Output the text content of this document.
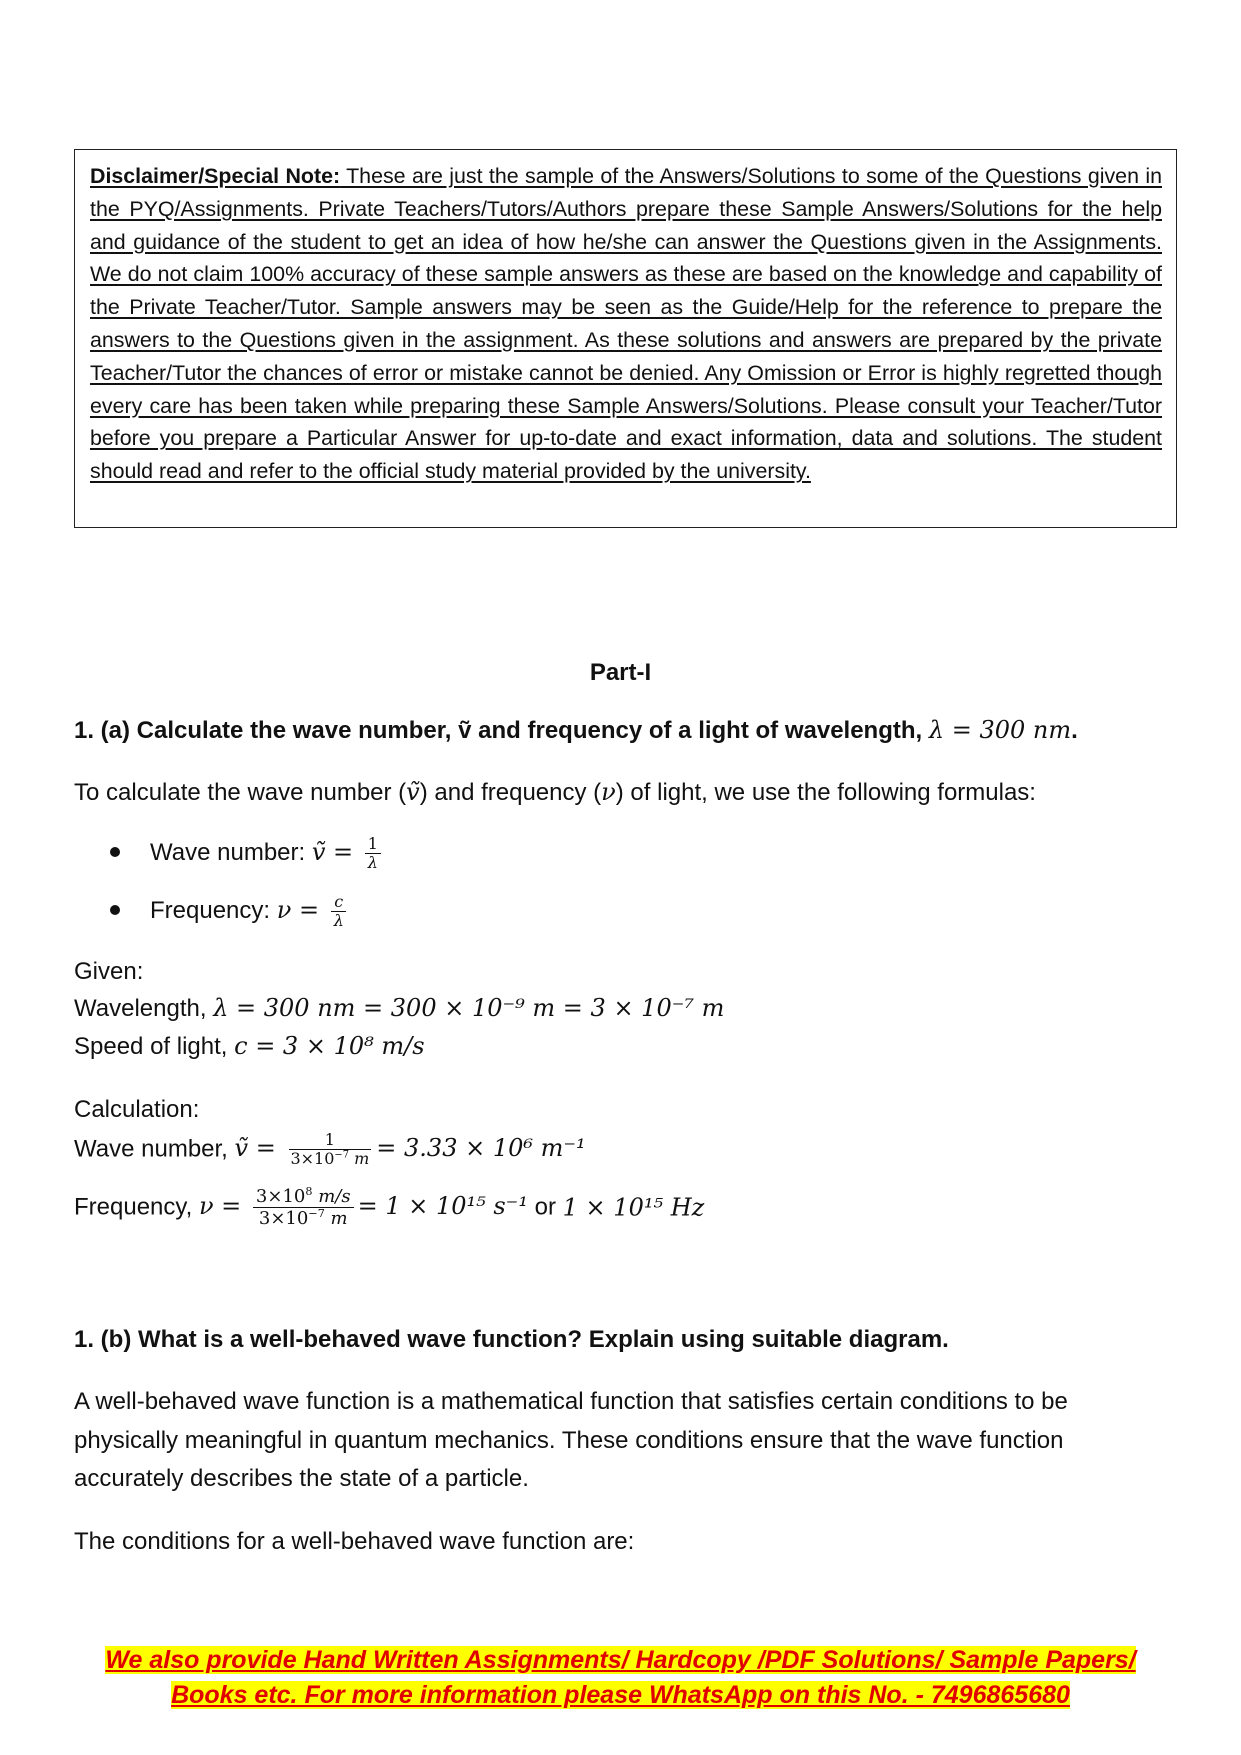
Disclaimer/Special Note: These are just the sample of the Answers/Solutions to some of the Questions given in the PYQ/Assignments. Private Teachers/Tutors/Authors prepare these Sample Answers/Solutions for the help and guidance of the student to get an idea of how he/she can answer the Questions given in the Assignments. We do not claim 100% accuracy of these sample answers as these are based on the knowledge and capability of the Private Teacher/Tutor. Sample answers may be seen as the Guide/Help for the reference to prepare the answers to the Questions given in the assignment. As these solutions and answers are prepared by the private Teacher/Tutor the chances of error or mistake cannot be denied. Any Omission or Error is highly regretted though every care has been taken while preparing these Sample Answers/Solutions. Please consult your Teacher/Tutor before you prepare a Particular Answer for up-to-date and exact information, data and solutions. The student should read and refer to the official study material provided by the university.

Part-I
1. (a) Calculate the wave number, ṽ and frequency of a light of wavelength, λ = 300 nm.
To calculate the wave number (ṽ) and frequency (ν) of light, we use the following formulas:
Wave number: ṽ = $\frac{1}{\lambda}$
Frequency: $\nu = \frac{c}{\lambda}$
Given:
Wavelength, λ = 300 nm = 300 × 10⁻⁹ m = 3 × 10⁻⁷ m
Speed of light, c = 3 × 10⁸ m/s
Calculation:
Wave number, ṽ = $\frac{1}{3\times 10^{-7} m} = 3.33 \times 10^6$ m⁻¹
Frequency, $\nu = \frac{3\times 10^8 m/s}{3\times 10^{-7} m} = 1 \times 10^{15}$ s⁻¹ or 1 × 10¹⁵ Hz
1. (b) What is a well-behaved wave function? Explain using suitable diagram.
A well-behaved wave function is a mathematical function that satisfies certain conditions to be physically meaningful in quantum mechanics. These conditions ensure that the wave function accurately describes the state of a particle.
The conditions for a well-behaved wave function are:
We also provide Hand Written Assignments/ Hardcopy /PDF Solutions/ Sample Papers/
Books etc. For more information please WhatsApp on this No. - 7496865680
